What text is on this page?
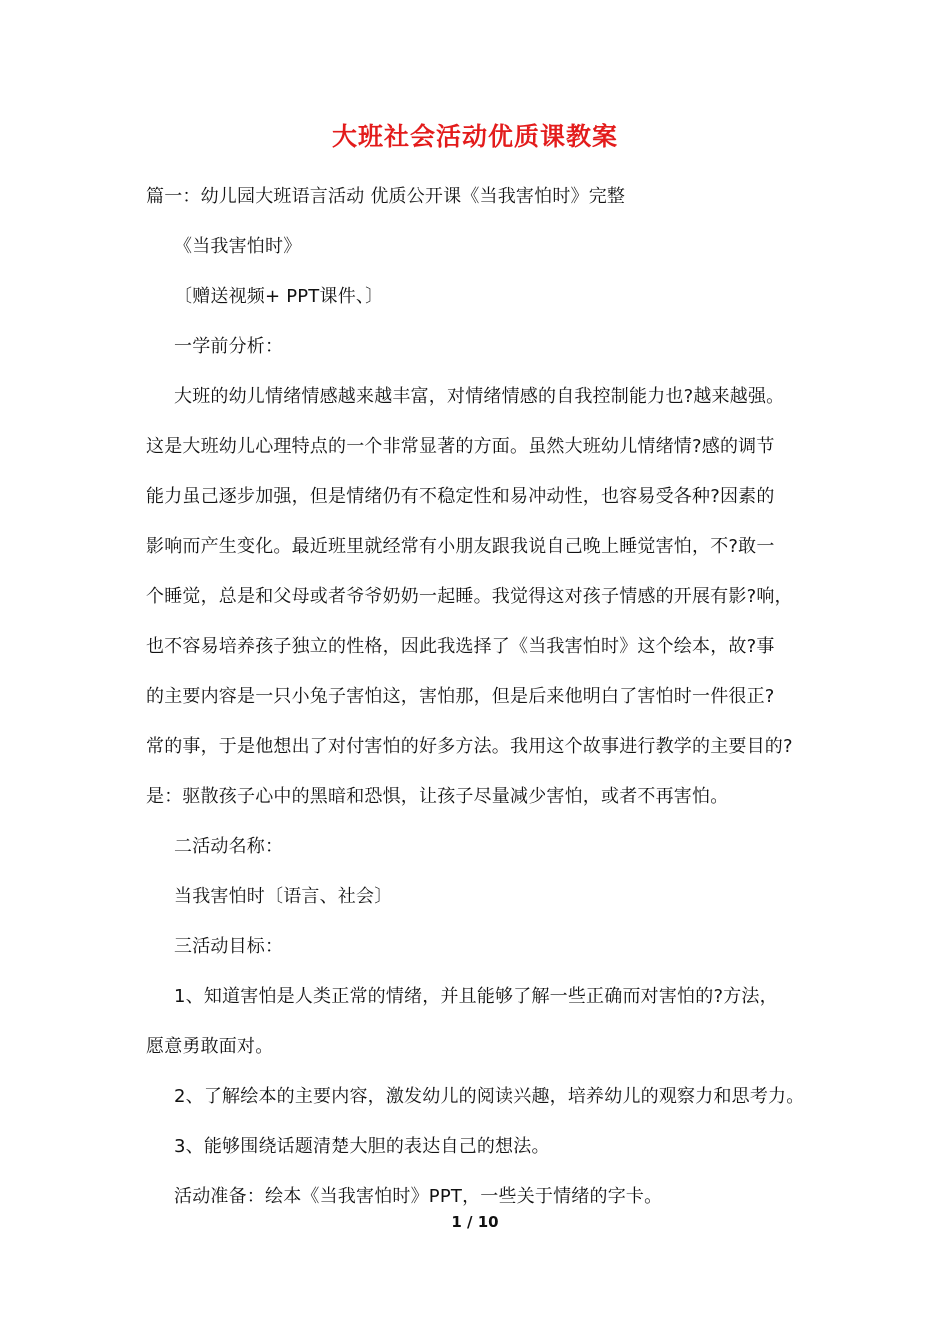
大班社会活动优质课教案
篇一：幼儿园大班语言活动 优质公开课《当我害怕时》完整
《当我害怕时》
〔赠送视频+ PPT课件、〕
一学前分析：
大班的幼儿情绪情感越来越丰富，对情绪情感的自我控制能力也?越来越强。
这是大班幼儿心理特点的一个非常显著的方面。虽然大班幼儿情绪情?感的调节
能力虽己逐步加强，但是情绪仍有不稳定性和易冲动性，也容易受各种?因素的
影响而产生变化。最近班里就经常有小朋友跟我说自己晚上睡觉害怕，不?敢一
个睡觉，总是和父母或者爷爷奶奶一起睡。我觉得这对孩子情感的开展有影?响，
也不容易培养孩子独立的性格，因此我选择了《当我害怕时》这个绘本，故?事
的主要内容是一只小兔子害怕这，害怕那，但是后来他明白了害怕时一件很正?
常的事，于是他想出了对付害怕的好多方法。我用这个故事进行教学的主要目的?
是：驱散孩子心中的黑暗和恐惧，让孩子尽量减少害怕，或者不再害怕。
二活动名称：
当我害怕时〔语言、社会〕
三活动目标：
1、知道害怕是人类正常的情绪，并且能够了解一些正确而对害怕的?方法，
愿意勇敢面对。
2、了解绘本的主要内容，激发幼儿的阅读兴趣，培养幼儿的观察力和思考力。
3、能够围绕话题清楚大胆的表达自己的想法。
活动准备：绘本《当我害怕时》PPT，一些关于情绪的字卡。
1 / 10
